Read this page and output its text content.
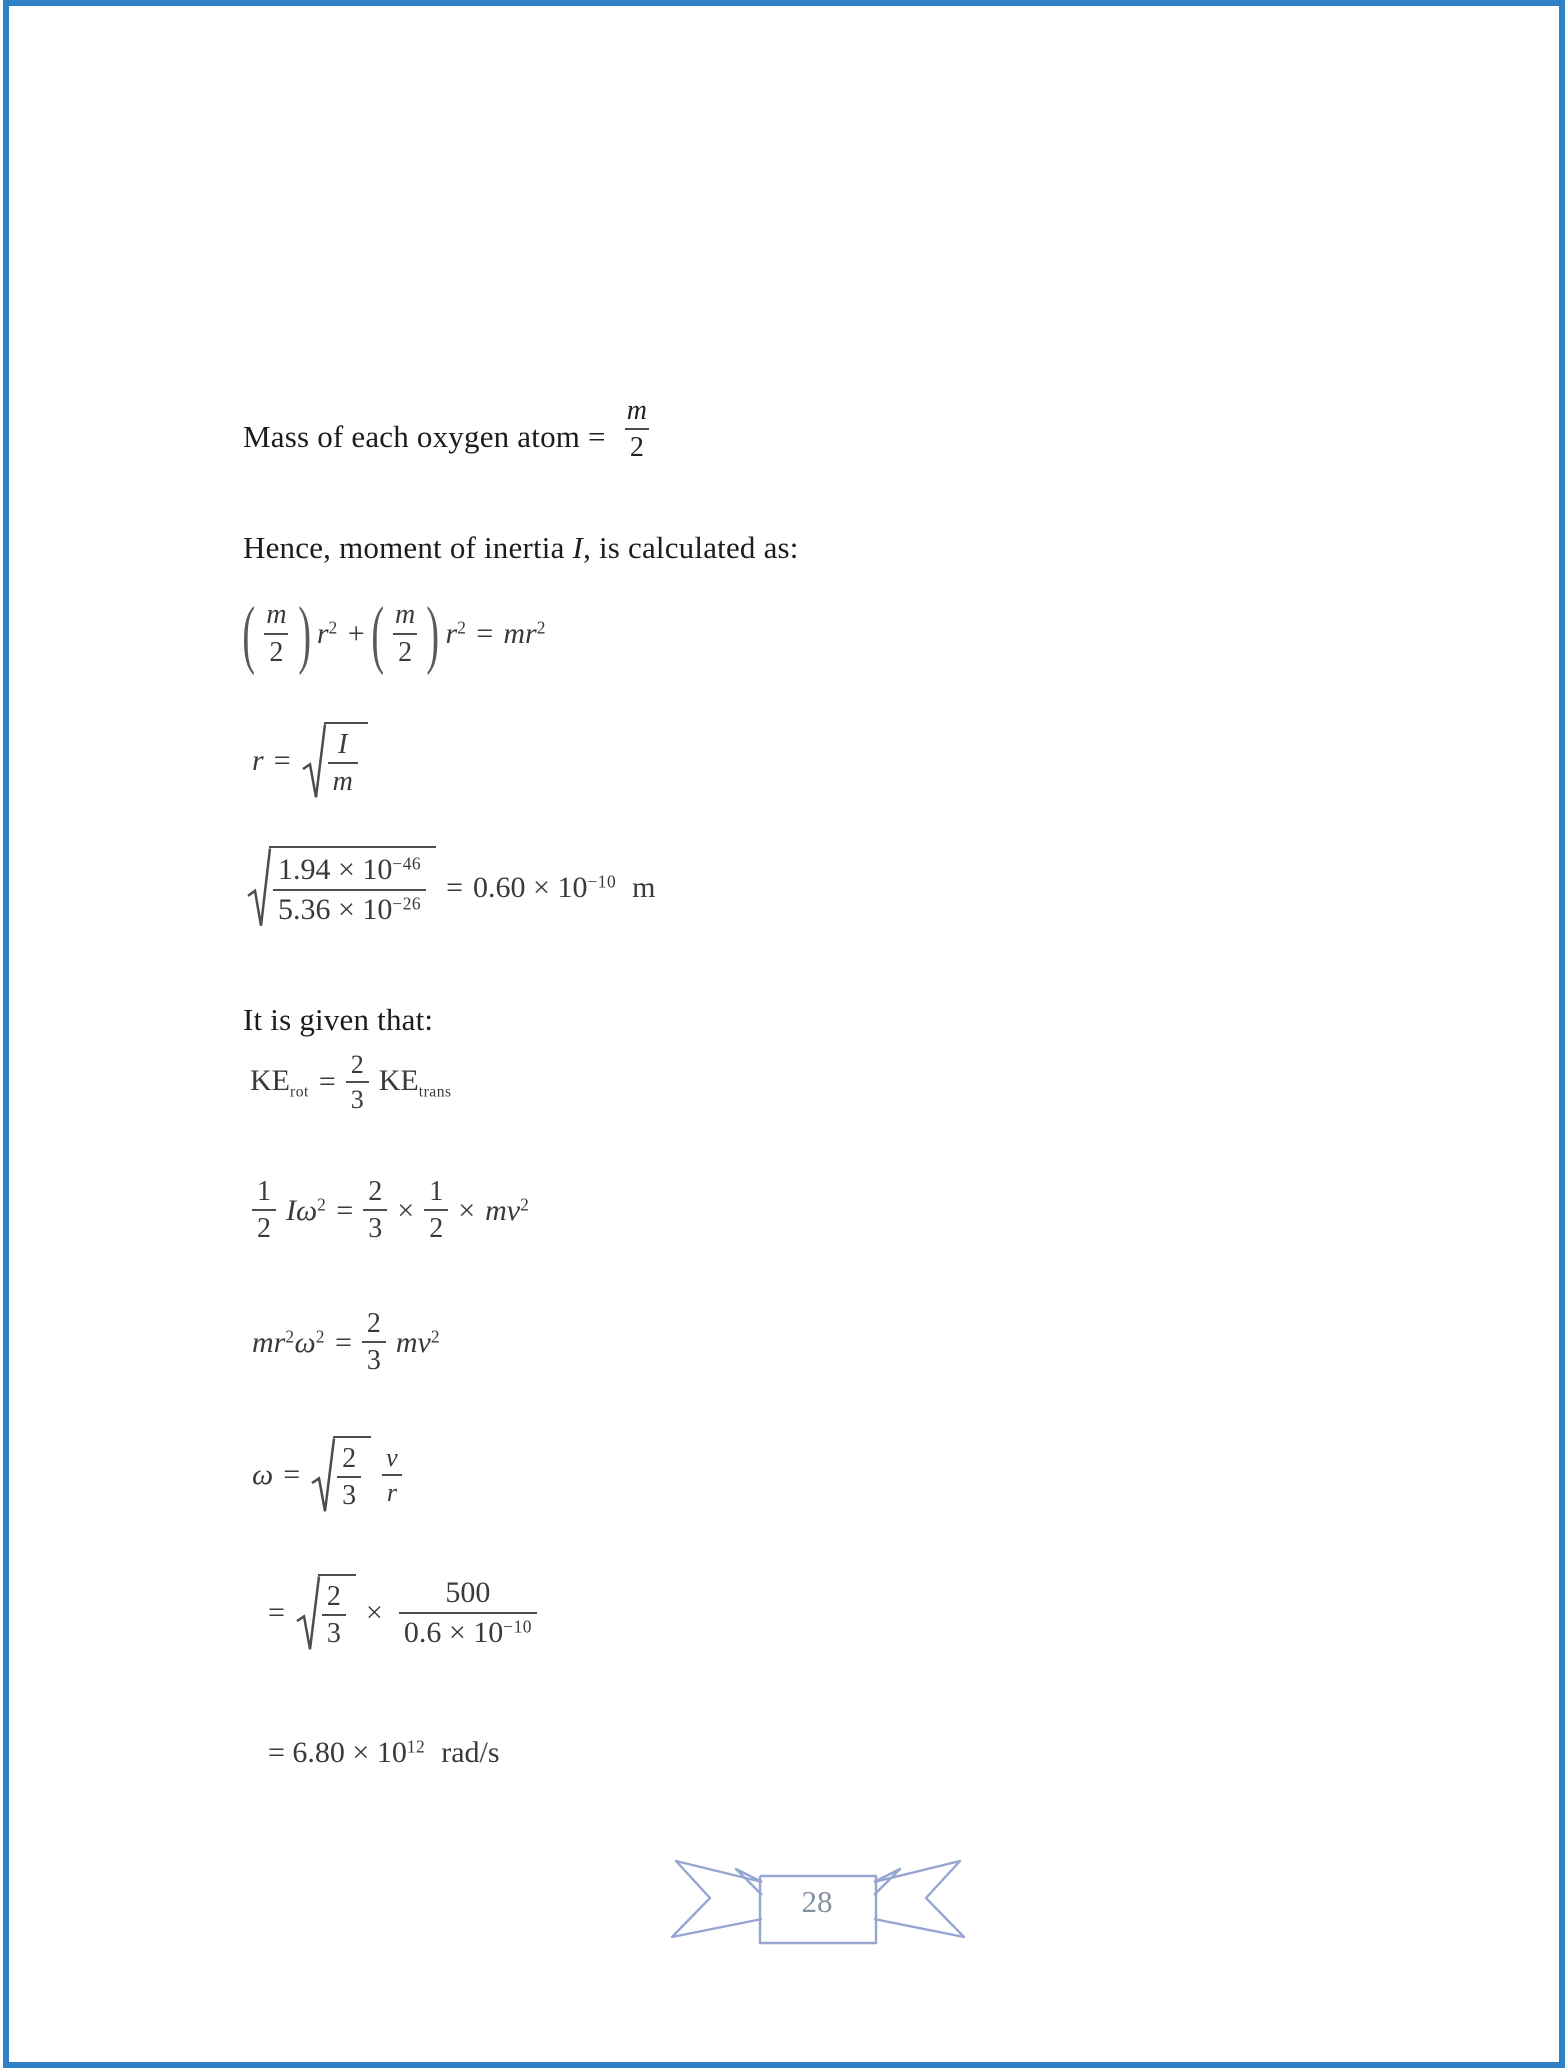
Mass of each oxygen atom = $\frac{m}{2}$
Hence, moment of inertia I, is calculated as:
( $\frac{m}{2}$ ) $r^2$ + ( $\frac{m}{2}$ ) $r^2 = mr^2$
$r = \frac{I}{m}$
$\frac{1.94 \times 10^{-46}}{5.36 \times 10^{-26}} = 0.60 \times 10^{-10}$ m
It is given that:
$KE_{rot} = \frac{2}{3} KE_{trans}$
$\frac{1}{2} I\omega^2 = \frac{2}{3} \times \frac{1}{2} \times mv^2$
$mr^2\omega^2 = \frac{2}{3} mv^2$
$\omega = \frac{2}{3} \frac{v}{r}$
= $\frac{2}{3} \times \frac{500}{0.6 \times 10^{-10}}$
= $6.80 \times 10^{12}$ rad/s
28
